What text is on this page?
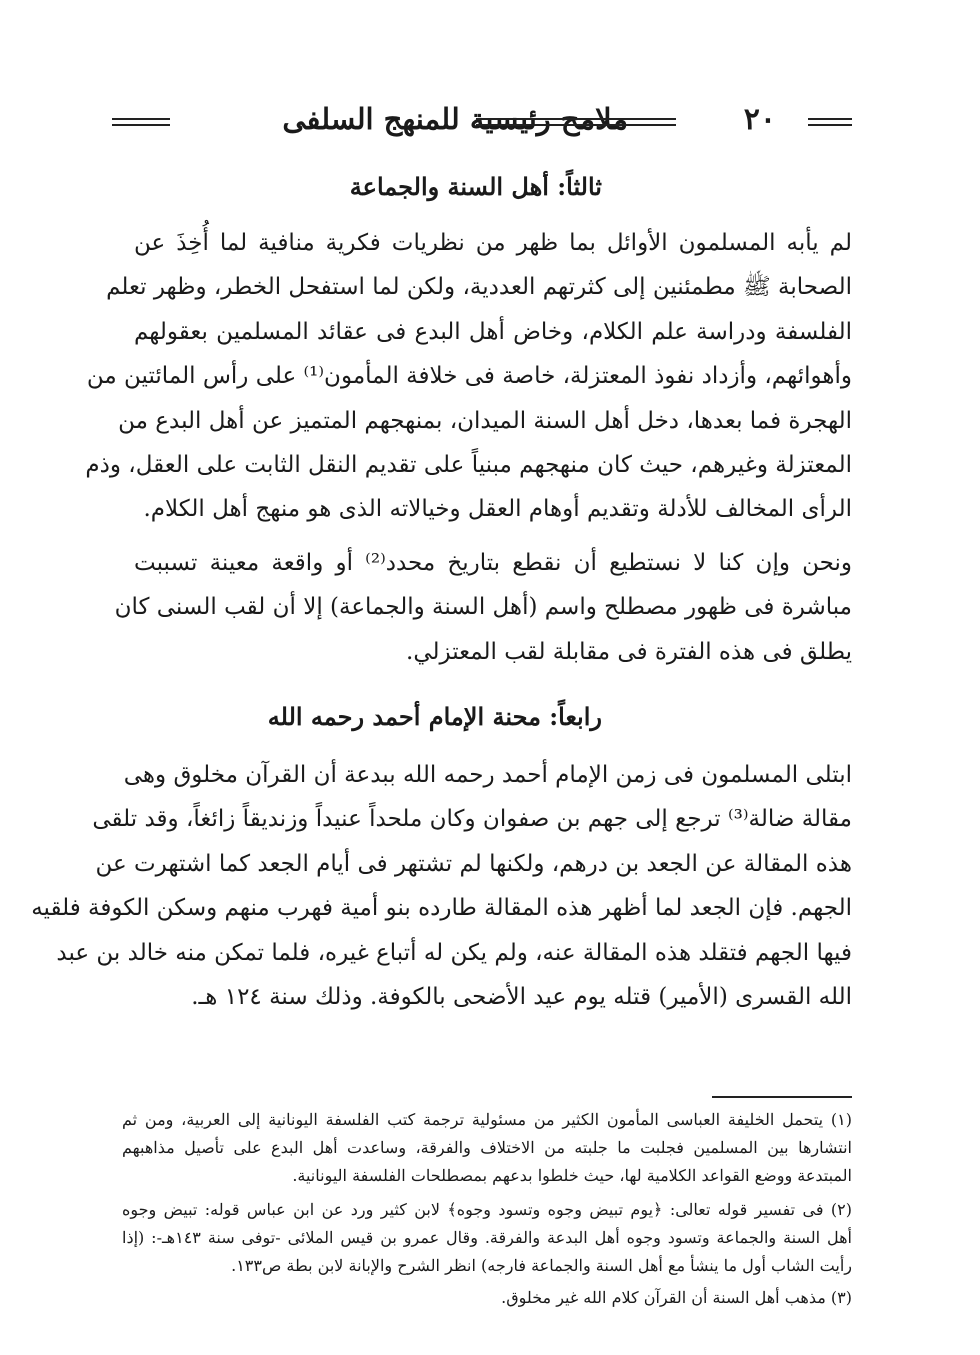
ملامح رئيسية للمنهج السلفى	٢٠
ثالثاً: أهل السنة والجماعة
لم يأبه المسلمون الأوائل بما ظهر من نظريات فكرية منافية لما أُخِذَ عن
الصحابة ﷺ مطمئنين إلى كثرتهم العددية، ولكن لما استفحل الخطر، وظهر تعلم
الفلسفة ودراسة علم الكلام، وخاض أهل البدع فى عقائد المسلمين بعقولهم
وأهوائهم، وأزداد نفوذ المعتزلة، خاصة فى خلافة المأمون⁽¹⁾ على رأس المائتين من
الهجرة فما بعدها، دخل أهل السنة الميدان، بمنهجهم المتميز عن أهل البدع من
المعتزلة وغيرهم، حيث كان منهجهم مبنياً على تقديم النقل الثابت على العقل، وذم
الرأى المخالف للأدلة وتقديم أوهام العقل وخيالاته الذى هو منهج أهل الكلام.
ونحن وإن كنا لا نستطيع أن نقطع بتاريخ محدد⁽²⁾ أو واقعة معينة تسببت
مباشرة فى ظهور مصطلح واسم (أهل السنة والجماعة) إلا أن لقب السنى كان
يطلق فى هذه الفترة فى مقابلة لقب المعتزلي.
رابعاً: محنة الإمام أحمد رحمه الله
ابتلى المسلمون فى زمن الإمام أحمد رحمه الله ببدعة أن القرآن مخلوق وهى
مقالة ضالة⁽³⁾ ترجع إلى جهم بن صفوان وكان ملحداً عنيداً وزنديقاً زائغاً، وقد تلقى
هذه المقالة عن الجعد بن درهم، ولكنها لم تشتهر فى أيام الجعد كما اشتهرت عن
الجهم. فإن الجعد لما أظهر هذه المقالة طارده بنو أمية فهرب منهم وسكن الكوفة فلقيه
فيها الجهم فتقلد هذه المقالة عنه، ولم يكن له أتباع غيره، فلما تمكن منه خالد بن عبد
الله القسرى (الأمير) قتله يوم عيد الأضحى بالكوفة. وذلك سنة ١٢٤ هـ.
(١) يتحمل الخليفة العباسى المأمون الكثير من مسئولية ترجمة كتب الفلسفة اليونانية إلى العربية، ومن ثم
انتشارها بين المسلمين فجلبت ما جلبته من الاختلاف والفرقة، وساعدت أهل البدع على تأصيل مذاهبهم
المبتدعة ووضع القواعد الكلامية لها، حيث خلطوا بدعهم بمصطلحات الفلسفة اليونانية.
(٢) فى تفسير قوله تعالى: ﴿يوم تبيض وجوه وتسود وجوه﴾ لابن كثير ورد عن ابن عباس قوله: تبيض وجوه
أهل السنة والجماعة وتسود وجوه أهل البدعة والفرقة. وقال عمرو بن قيس الملائى -توفى سنة ١٤٣هـ-: (إذا
رأيت الشاب أول ما ينشأ مع أهل السنة والجماعة فارجه) انظر الشرح والإبانة لابن بطة ص١٣٣.
(٣) مذهب أهل السنة أن القرآن كلام الله غير مخلوق.
